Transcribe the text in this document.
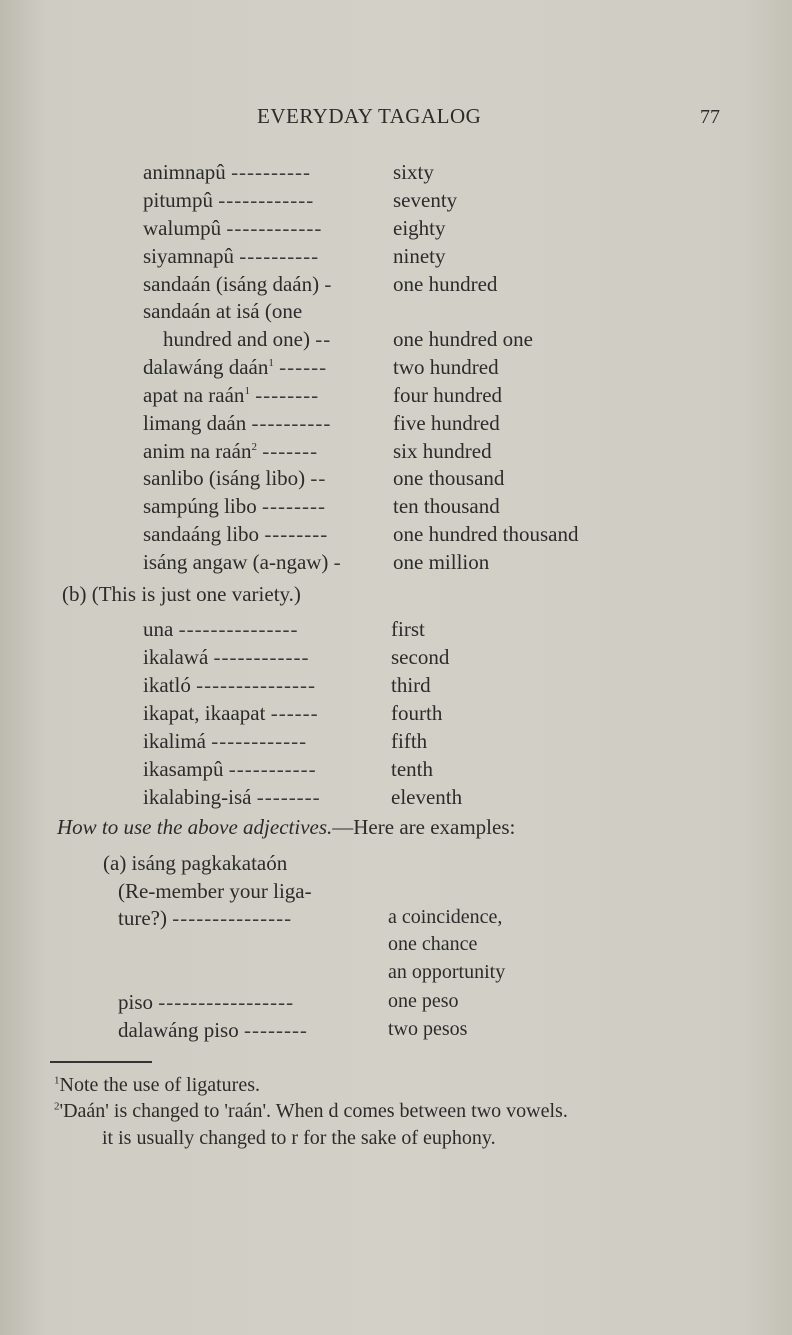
EVERYDAY TAGALOG	77
animnapû ----------	sixty
pitumpû ------------	seventy
walumpû ------------	eighty
siyamnapû ----------	ninety
sandaán (isáng daán) -	one hundred
sandaán at isá (one
hundred and one) --	one hundred one
dalawáng daán$^1$ ------	two hundred
apat na raán$^1$ --------	four hundred
limang daán ----------	five hundred
anim na raán$^2$ -------	six hundred
sanlibo (isáng libo) --	one thousand
sampúng libo --------	ten thousand
sandaáng libo --------	one hundred thousand
isáng angaw (a-ngaw) - one million
(b) (This is just one variety.)
una ---------------	first
ikalawá ------------	second
ikatló ---------------	third
ikapat, ikaapat ------	fourth
ikalimá ------------	fifth
ikasampû -----------	tenth
ikalabing-isá --------	eleventh
How to use the above adjectives.—Here are examples:
(a) isáng pagkakataón
(Re-member your liga-
ture?) ---------------	a coincidence,
one chance
an opportunity
piso -----------------	one peso
dalawáng piso --------	two pesos
$^1$Note the use of ligatures.
$^2$'Daán' is changed to 'raán'. When d comes between two vowels.
it is usually changed to r for the sake of euphony.
